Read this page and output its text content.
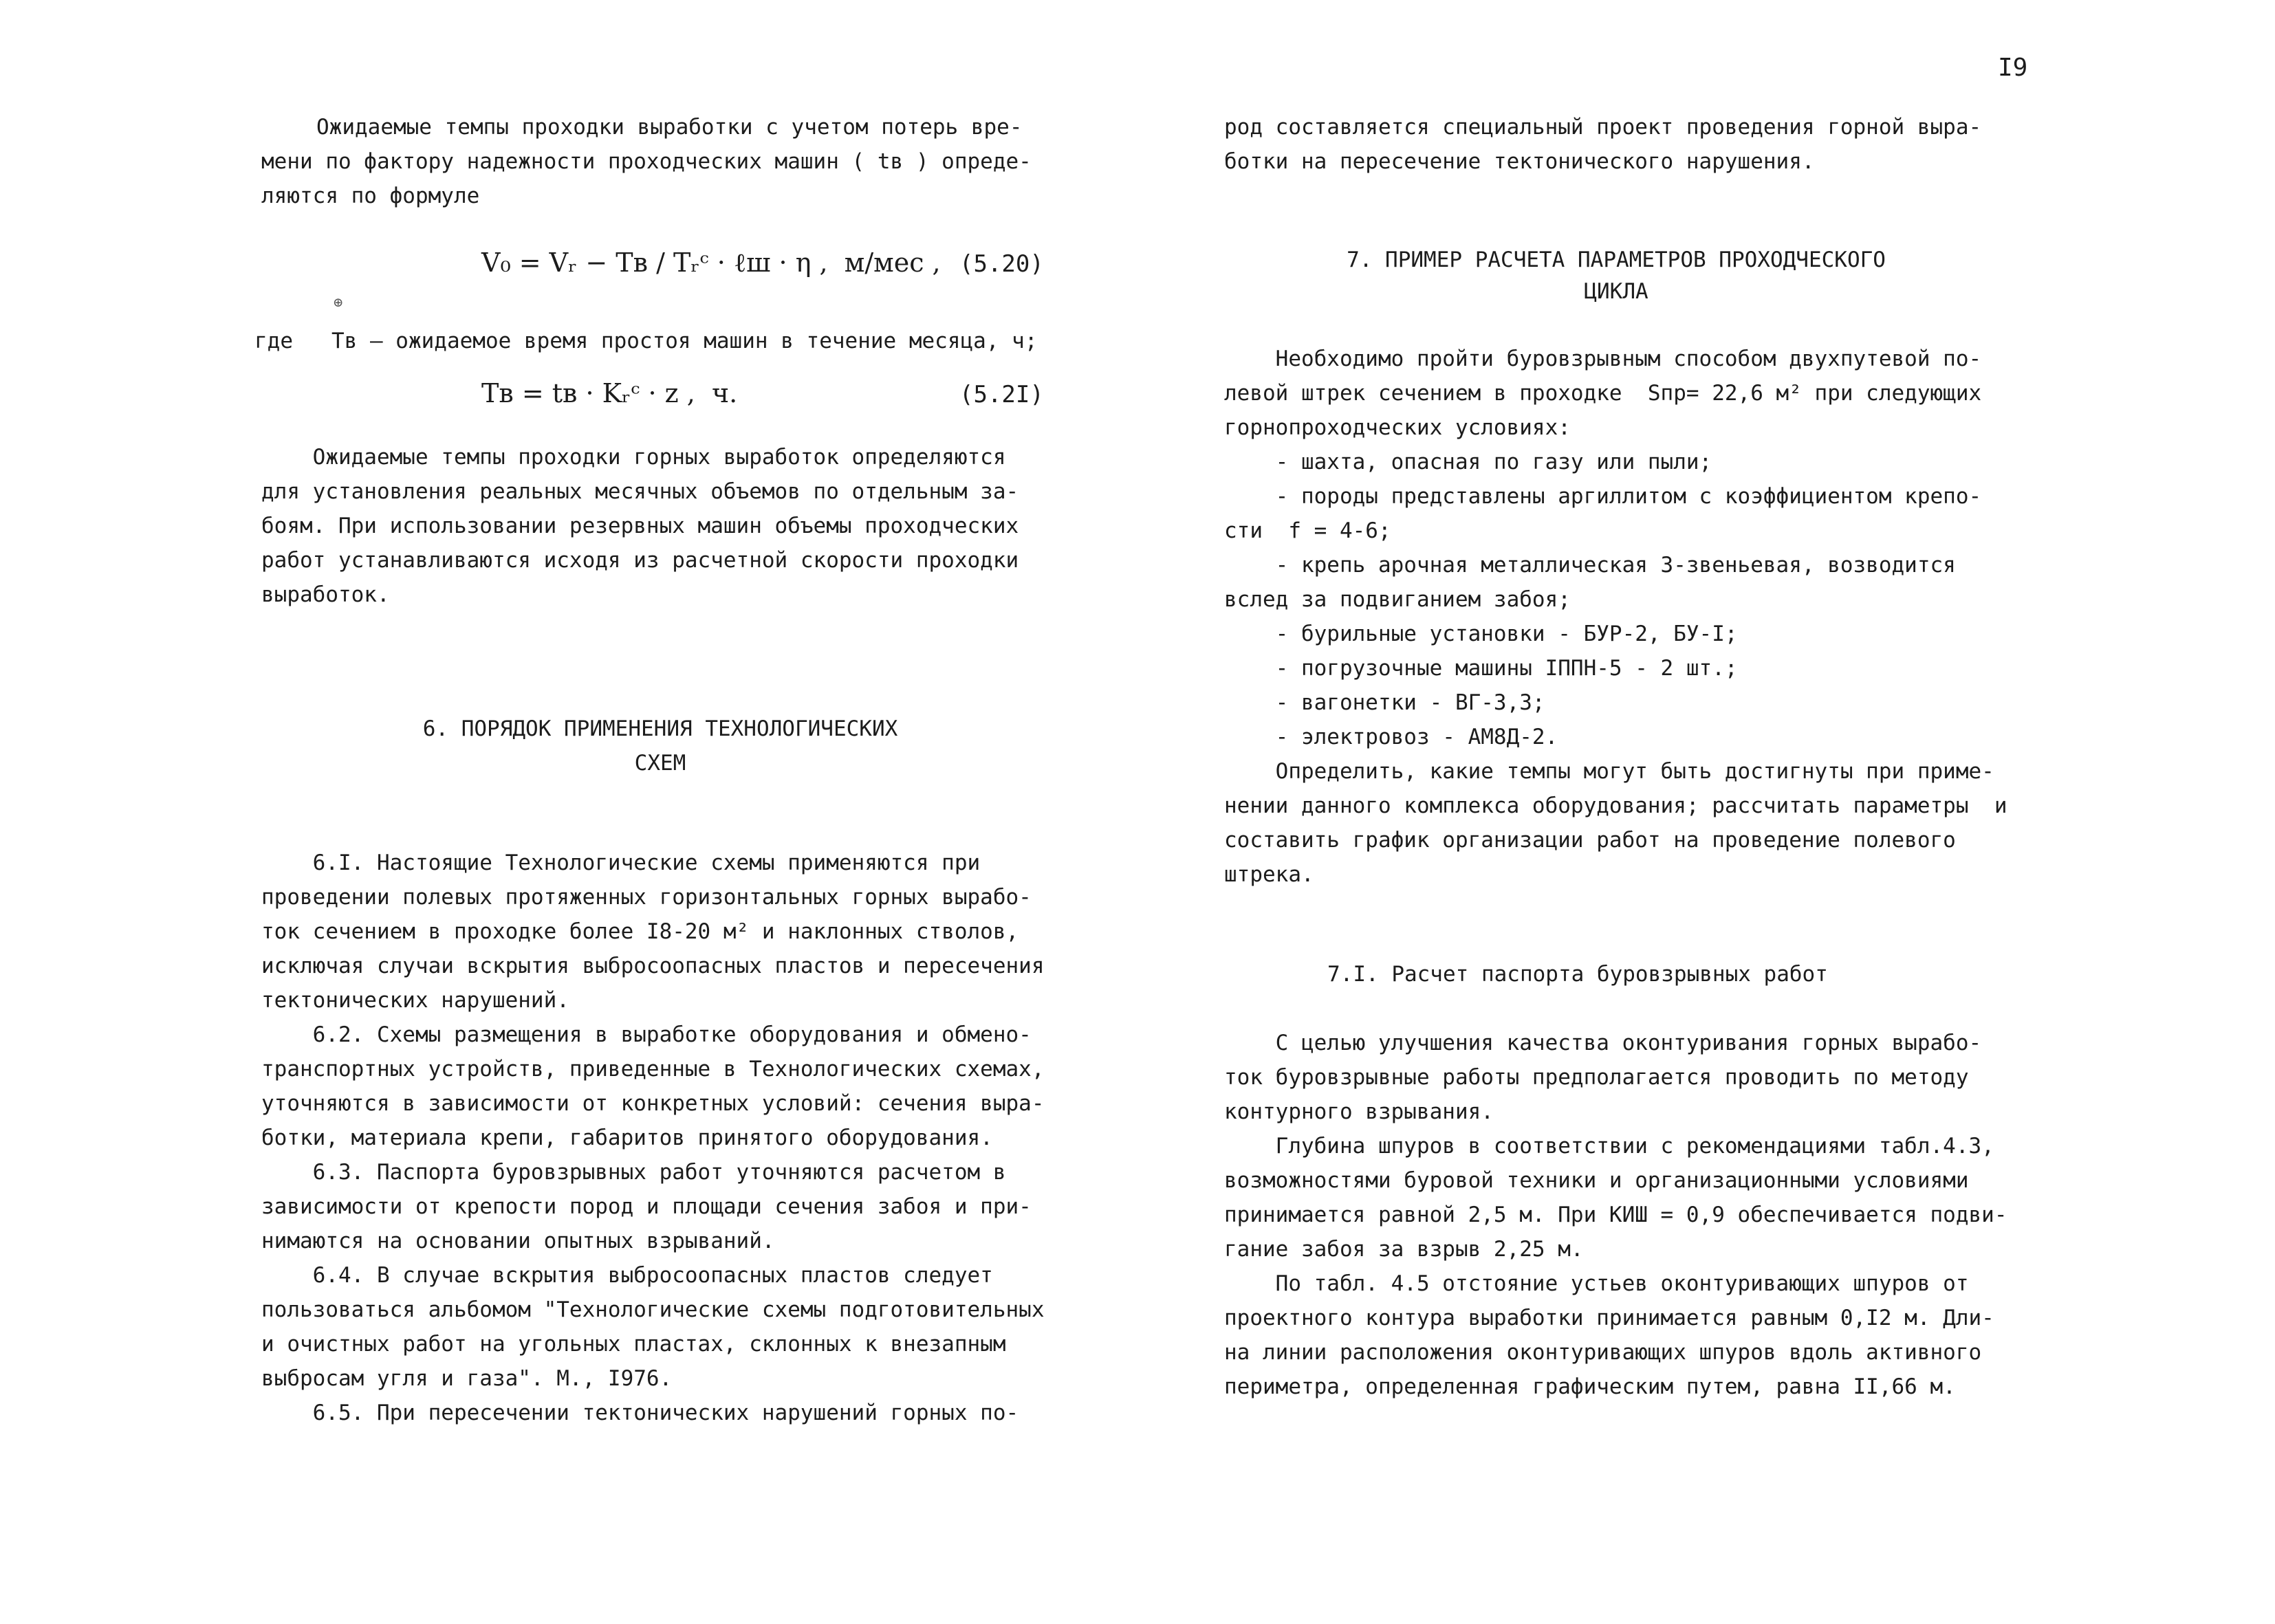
I9

Ожидаемые темпы проходки выработки с учетом потерь вре-

мени по фактору надежности проходческих машин ( tв ) опреде-

ляются по формуле

V₀ = Vᵣ − Tв / Tᵣᶜ · ℓш · η ,  м/мес , (5.20)
⊕
где   Tв – ожидаемое время простоя машин в течение месяца, ч;
Tв = tв · Kᵣᶜ · z ,  ч.	(5.2I)

Ожидаемые темпы проходки горных выработок определяются

для установления реальных месячных объемов по отдельным за-

боям. При использовании резервных машин объемы проходческих

работ устанавливаются исходя из расчетной скорости проходки

выработок.

6. ПОРЯДОК ПРИМЕНЕНИЯ ТЕХНОЛОГИЧЕСКИХ
СХЕМ

6.I. Настоящие Технологические схемы применяются при

проведении полевых протяженных горизонтальных горных вырабо-

ток сечением в проходке более I8-20 м² и наклонных стволов,

исключая случаи вскрытия выбросоопасных пластов и пересечения

тектонических нарушений.

6.2. Схемы размещения в выработке оборудования и обмено-

транспортных устройств, приведенные в Технологических схемах,

уточняются в зависимости от конкретных условий: сечения выра-

ботки, материала крепи, габаритов принятого оборудования.

6.3. Паспорта буровзрывных работ уточняются расчетом в

зависимости от крепости пород и площади сечения забоя и при-

нимаются на основании опытных взрываний.

6.4. В случае вскрытия выбросоопасных пластов следует

пользоваться альбомом "Технологические схемы подготовительных

и очистных работ на угольных пластах, склонных к внезапным

выбросам угля и газа". М., I976.

6.5. При пересечении тектонических нарушений горных по-

род составляется специальный проект проведения горной выра-

ботки на пересечение тектонического нарушения.

7. ПРИМЕР РАСЧЕТА ПАРАМЕТРОВ ПРОХОДЧЕСКОГО
ЦИКЛА

Необходимо пройти буровзрывным способом двухпутевой по-

левой штрек сечением в проходке  Sпр= 22,6 м² при следующих

горнопроходческих условиях:

- шахта, опасная по газу или пыли;

- породы представлены аргиллитом с коэффициентом крепо-

сти  f = 4-6;

- крепь арочная металлическая 3-звеньевая, возводится

вслед за подвиганием забоя;

- бурильные установки - БУР-2, БУ-I;

- погрузочные машины IППН-5 - 2 шт.;

- вагонетки - ВГ-3,3;

- электровоз - АМ8Д-2.

Определить, какие темпы могут быть достигнуты при приме-

нении данного комплекса оборудования; рассчитать параметры  и

составить график организации работ на проведение полевого

штрека.

7.I. Расчет паспорта буровзрывных работ

С целью улучшения качества оконтуривания горных вырабо-

ток буровзрывные работы предполагается проводить по методу

контурного взрывания.

Глубина шпуров в соответствии с рекомендациями табл.4.3,

возможностями буровой техники и организационными условиями

принимается равной 2,5 м. При КИШ = 0,9 обеспечивается подви-

гание забоя за взрыв 2,25 м.

По табл. 4.5 отстояние устьев оконтуривающих шпуров от

проектного контура выработки принимается равным 0,I2 м. Дли-

на линии расположения оконтуривающих шпуров вдоль активного

периметра, определенная графическим путем, равна II,66 м.
